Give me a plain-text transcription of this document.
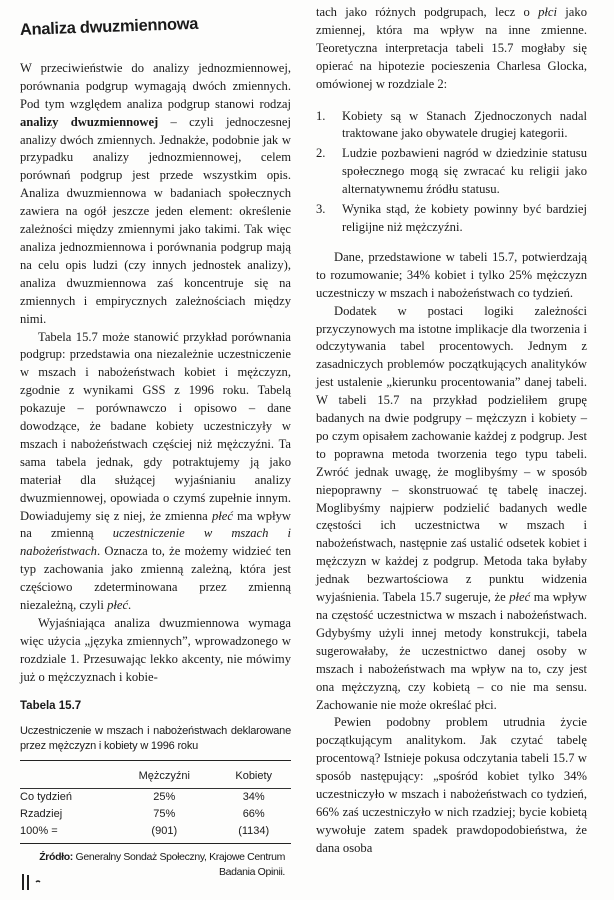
Analiza dwuzmiennowa

W przeciwieństwie do analizy jednozmiennowej, porównania podgrup wymagają dwóch zmiennych. Pod tym względem analiza podgrup stanowi rodzaj analizy dwuzmiennowej – czyli jednoczesnej analizy dwóch zmiennych. Jednakże, podobnie jak w przypadku analizy jednozmiennowej, celem porównań podgrup jest przede wszystkim opis. Analiza dwuzmiennowa w badaniach społecznych zawiera na ogół jeszcze jeden element: określenie zależności między zmiennymi jako takimi. Tak więc analiza jednozmiennowa i porównania podgrup mają na celu opis ludzi (czy innych jednostek analizy), analiza dwuzmiennowa zaś koncentruje się na zmiennych i empirycznych zależnościach między nimi.

Tabela 15.7 może stanowić przykład porównania podgrup: przedstawia ona niezależnie uczestniczenie w mszach i nabożeństwach kobiet i mężczyzn, zgodnie z wynikami GSS z 1996 roku. Tabelą pokazuje – porównawczo i opisowo – dane dowodzące, że badane kobiety uczestniczyły w mszach i nabożeństwach częściej niż mężczyźni. Ta sama tabela jednak, gdy potraktujemy ją jako materiał dla służącej wyjaśnianiu analizy dwuzmiennowej, opowiada o czymś zupełnie innym. Dowiadujemy się z niej, że zmienna płeć ma wpływ na zmienną uczestniczenie w mszach i nabożeństwach. Oznacza to, że możemy widzieć ten typ zachowania jako zmienną zależną, która jest częściowo zdeterminowana przez zmienną niezależną, czyli płeć.

Wyjaśniająca analiza dwuzmiennowa wymaga więc użycia „języka zmiennych”, wprowadzonego w rozdziale 1. Przesuwając lekko akcenty, nie mówimy już o mężczyznach i kobie-

Tabela 15.7
Uczestniczenie w mszach i nabożeństwach deklarowane przez mężczyzn i kobiety w 1996 roku
	Mężczyźni	Kobiety
Co tydzień	25%	34%
Rzadziej	75%	66%
100% =	(901)	(1134)
Źródło: Generalny Sondaż Społeczny, Krajowe Centrum Badania Opinii.

tach jako różnych podgrupach, lecz o płci jako zmiennej, która ma wpływ na inne zmienne. Teoretyczna interpretacja tabeli 15.7 mogłaby się opierać na hipotezie pocieszenia Charlesa Glocka, omówionej w rozdziale 2:

1. Kobiety są w Stanach Zjednoczonych nadal traktowane jako obywatele drugiej kategorii.
2. Ludzie pozbawieni nagród w dziedzinie statusu społecznego mogą się zwracać ku religii jako alternatywnemu źródłu statusu.
3. Wynika stąd, że kobiety powinny być bardziej religijne niż mężczyźni.

Dane, przedstawione w tabeli 15.7, potwierdzają to rozumowanie; 34% kobiet i tylko 25% mężczyzn uczestniczy w mszach i nabożeństwach co tydzień.

Dodatek w postaci logiki zależności przyczynowych ma istotne implikacje dla tworzenia i odczytywania tabel procentowych. Jednym z zasadniczych problemów początkujących analityków jest ustalenie „kierunku procentowania” danej tabeli. W tabeli 15.7 na przykład podzieliłem grupę badanych na dwie podgrupy – mężczyzn i kobiety – po czym opisałem zachowanie każdej z podgrup. Jest to poprawna metoda tworzenia tego typu tabeli. Zwróć jednak uwagę, że moglibyśmy – w sposób niepoprawny – skonstruować tę tabelę inaczej. Moglibyśmy najpierw podzielić badanych wedle częstości ich uczestnictwa w mszach i nabożeństwach, następnie zaś ustalić odsetek kobiet i mężczyzn w każdej z podgrup. Metoda taka byłaby jednak bezwartościowa z punktu widzenia wyjaśnienia. Tabela 15.7 sugeruje, że płeć ma wpływ na częstość uczestnictwa w mszach i nabożeństwach. Gdybyśmy użyli innej metody konstrukcji, tabela sugerowałaby, że uczestnictwo danej osoby w mszach i nabożeństwach ma wpływ na to, czy jest ona mężczyzną, czy kobietą – co nie ma sensu. Zachowanie nie może określać płci.

Pewien podobny problem utrudnia życie początkującym analitykom. Jak czytać tabelę procentową? Istnieje pokusa odczytania tabeli 15.7 w sposób następujący: „spośród kobiet tylko 34% uczestniczyło w mszach i nabożeństwach co tydzień, 66% zaś uczestniczyło w nich rzadziej; bycie kobietą wywołuje zatem spadek prawdopodobieństwa, że dana osoba
